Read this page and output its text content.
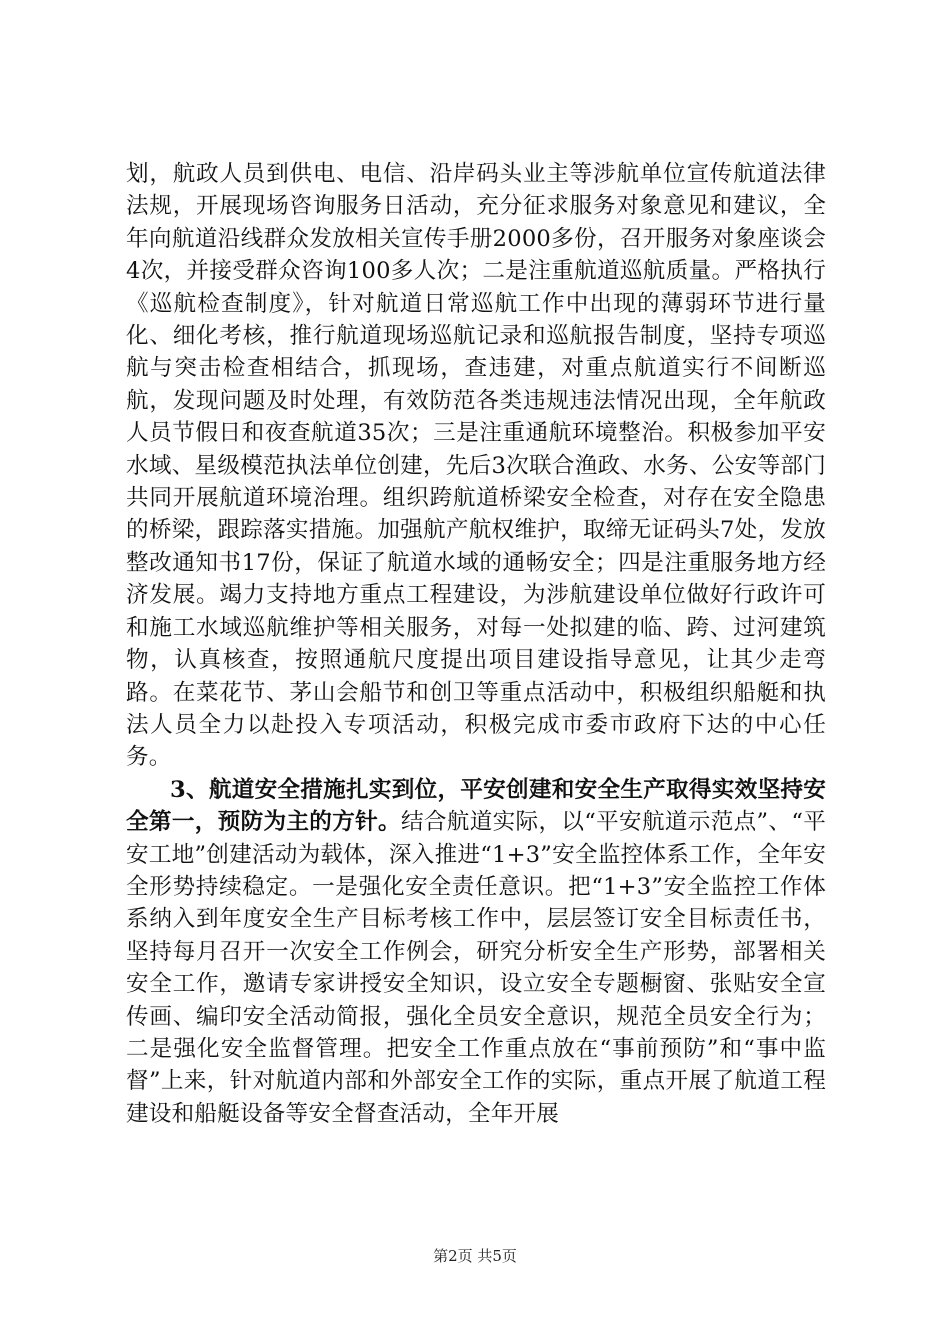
划，航政人员到供电、电信、沿岸码头业主等涉航单位宣传航道法律法规，开展现场咨询服务日活动，充分征求服务对象意见和建议，全年向航道沿线群众发放相关宣传手册2000多份，召开服务对象座谈会4次，并接受群众咨询100多人次；二是注重航道巡航质量。严格执行《巡航检查制度》，针对航道日常巡航工作中出现的薄弱环节进行量化、细化考核，推行航道现场巡航记录和巡航报告制度，坚持专项巡航与突击检查相结合，抓现场，查违建，对重点航道实行不间断巡航，发现问题及时处理，有效防范各类违规违法情况出现，全年航政人员节假日和夜查航道35次；三是注重通航环境整治。积极参加平安水域、星级模范执法单位创建，先后3次联合渔政、水务、公安等部门共同开展航道环境治理。组织跨航道桥梁安全检查，对存在安全隐患的桥梁，跟踪落实措施。加强航产航权维护，取缔无证码头7处，发放整改通知书17份，保证了航道水域的通畅安全；四是注重服务地方经济发展。竭力支持地方重点工程建设，为涉航建设单位做好行政许可和施工水域巡航维护等相关服务，对每一处拟建的临、跨、过河建筑物，认真核查，按照通航尺度提出项目建设指导意见，让其少走弯路。在菜花节、茅山会船节和创卫等重点活动中，积极组织船艇和执法人员全力以赴投入专项活动，积极完成市委市政府下达的中心任务。

3、航道安全措施扎实到位，平安创建和安全生产取得实效坚持安全第一，预防为主的方针。结合航道实际，以“平安航道示范点”、“平安工地”创建活动为载体，深入推进“1+3”安全监控体系工作，全年安全形势持续稳定。一是强化安全责任意识。把“1+3”安全监控工作体系纳入到年度安全生产目标考核工作中，层层签订安全目标责任书，坚持每月召开一次安全工作例会，研究分析安全生产形势，部署相关安全工作，邀请专家讲授安全知识，设立安全专题橱窗、张贴安全宣传画、编印安全活动简报，强化全员安全意识，规范全员安全行为；二是强化安全监督管理。把安全工作重点放在“事前预防”和“事中监督”上来，针对航道内部和外部安全工作的实际，重点开展了航道工程建设和船艇设备等安全督查活动，全年开展

第2页 共5页
